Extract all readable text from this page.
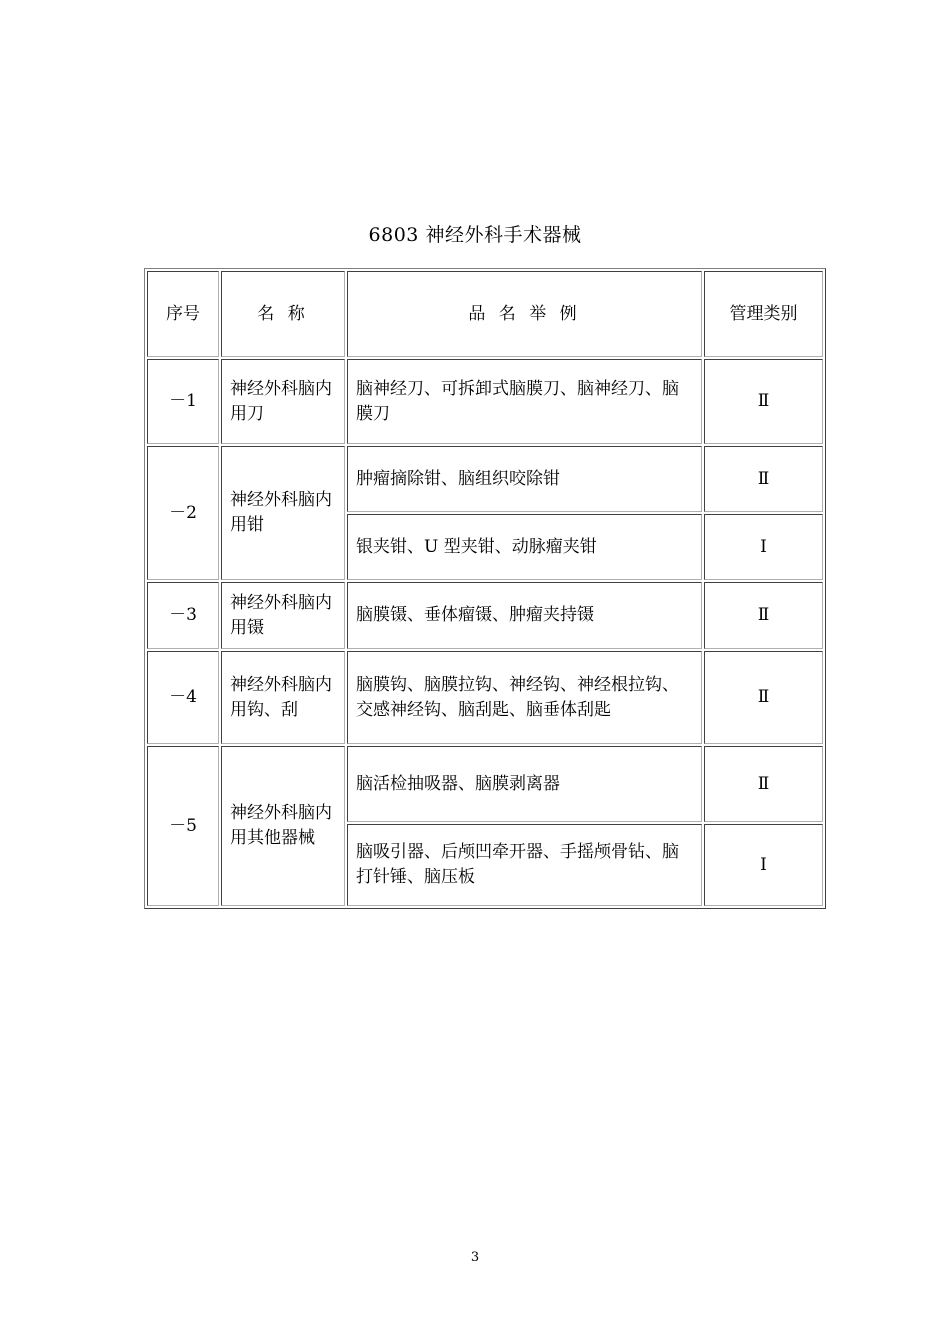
6803 神经外科手术器械
序号	名 称	品 名 举 例	管理类别
－1	神经外科脑内用刀	脑神经刀、可拆卸式脑膜刀、脑神经刀、脑膜刀	Ⅱ
－2	神经外科脑内用钳	肿瘤摘除钳、脑组织咬除钳	Ⅱ
		银夹钳、U 型夹钳、动脉瘤夹钳	Ⅰ
－3	神经外科脑内用镊	脑膜镊、垂体瘤镊、肿瘤夹持镊	Ⅱ
－4	神经外科脑内用钩、刮	脑膜钩、脑膜拉钩、神经钩、神经根拉钩、交感神经钩、脑刮匙、脑垂体刮匙	Ⅱ
－5	神经外科脑内用其他器械	脑活检抽吸器、脑膜剥离器	Ⅱ
		脑吸引器、后颅凹牵开器、手摇颅骨钻、脑打针锤、脑压板	Ⅰ
3
